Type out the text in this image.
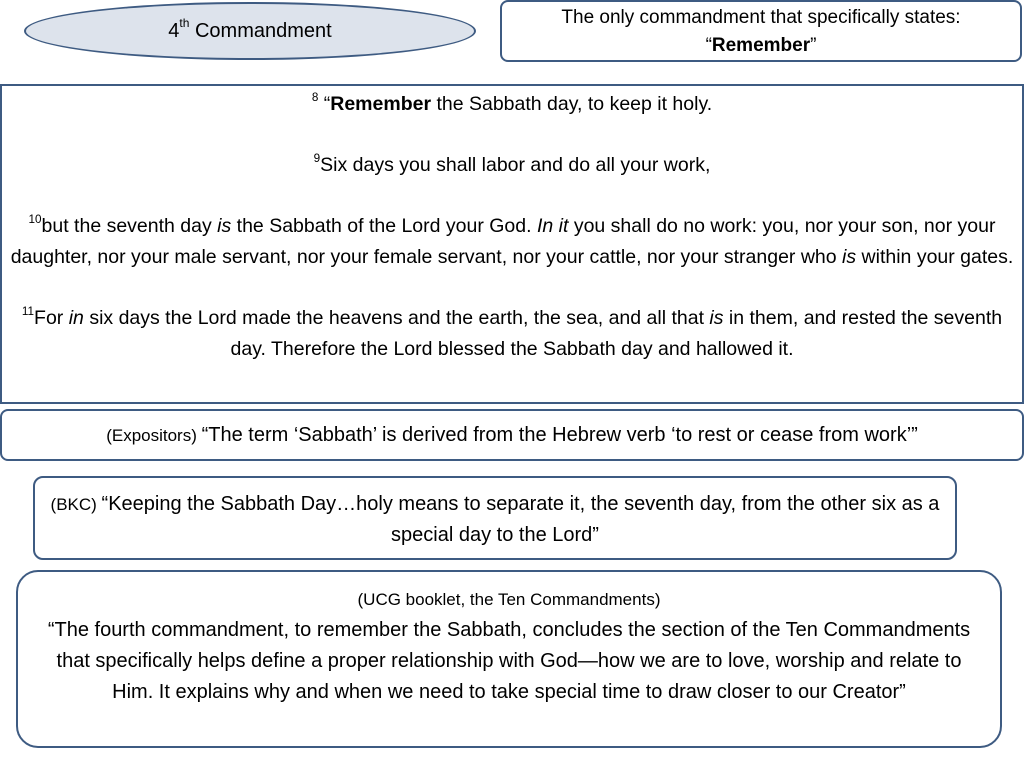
4th Commandment
The only commandment that specifically states:
“Remember”

$^8$ “Remember the Sabbath day, to keep it holy.

$^9$Six days you shall labor and do all your work,

$^{10}$but the seventh day is the Sabbath of the Lord your God. In it you shall do no work: you, nor your son, nor your daughter, nor your male servant, nor your female servant, nor your cattle, nor your stranger who is within your gates.

$^{11}$For in six days the Lord made the heavens and the earth, the sea, and all that is in them, and rested the seventh day. Therefore the Lord blessed the Sabbath day and hallowed it.

(Expositors) “The term ‘Sabbath’ is derived from the Hebrew verb ‘to rest or cease from work’”
(BKC) “Keeping the Sabbath Day…holy means to separate it, the seventh day, from the other six as a special day to the Lord”
(UCG booklet, the Ten Commandments)
“The fourth commandment, to remember the Sabbath, concludes the section of the Ten Commandments that specifically helps define a proper relationship with God—how we are to love, worship and relate to Him. It explains why and when we need to take special time to draw closer to our Creator”
